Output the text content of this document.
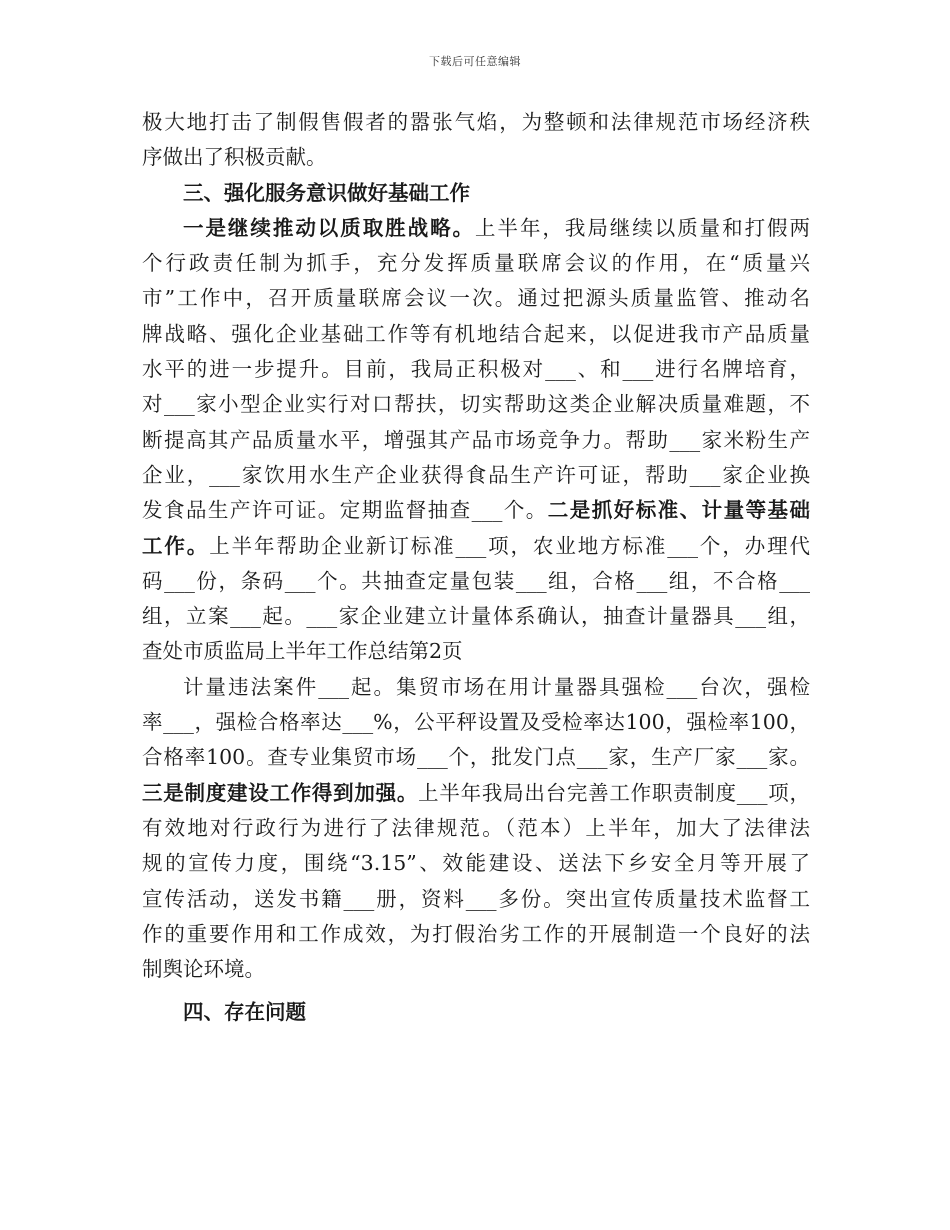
下载后可任意编辑
极大地打击了制假售假者的嚣张气焰，为整顿和法律规范市场经济秩
序做出了积极贡献。
三、强化服务意识做好基础工作
一是继续推动以质取胜战略。上半年，我局继续以质量和打假两
个行政责任制为抓手，充分发挥质量联席会议的作用，在“质量兴
市”工作中，召开质量联席会议一次。通过把源头质量监管、推动名
牌战略、强化企业基础工作等有机地结合起来，以促进我市产品质量
水平的进一步提升。目前，我局正积极对___、和___进行名牌培育，
对___家小型企业实行对口帮扶，切实帮助这类企业解决质量难题，不
断提高其产品质量水平，增强其产品市场竞争力。帮助___家米粉生产
企业，___家饮用水生产企业获得食品生产许可证，帮助___家企业换
发食品生产许可证。定期监督抽查___个。二是抓好标准、计量等基础
工作。上半年帮助企业新订标准___项，农业地方标准___个，办理代
码___份，条码___个。共抽查定量包装___组，合格___组，不合格___
组，立案___起。___家企业建立计量体系确认，抽查计量器具___组，
查处市质监局上半年工作总结第2页
计量违法案件___起。集贸市场在用计量器具强检___台次，强检
率___，强检合格率达___%，公平秤设置及受检率达100，强检率100，
合格率100。查专业集贸市场___个，批发门点___家，生产厂家___家。
三是制度建设工作得到加强。上半年我局出台完善工作职责制度___项，
有效地对行政行为进行了法律规范。（范本）上半年，加大了法律法
规的宣传力度，围绕“3.15”、效能建设、送法下乡安全月等开展了
宣传活动，送发书籍___册，资料___多份。突出宣传质量技术监督工
作的重要作用和工作成效，为打假治劣工作的开展制造一个良好的法
制舆论环境。
四、存在问题
